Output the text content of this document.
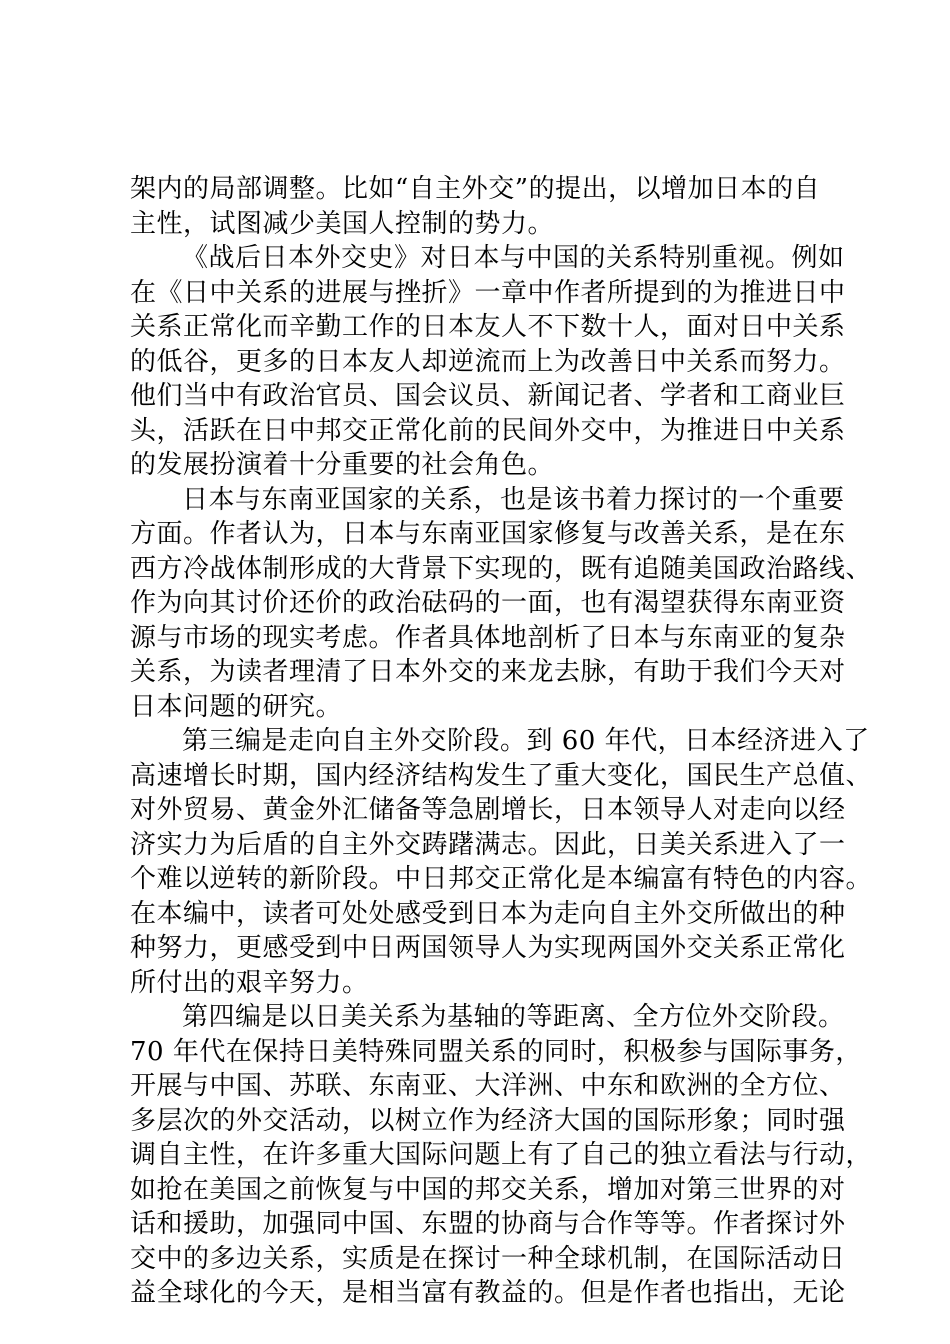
架内的局部调整。比如“自主外交”的提出，以增加日本的自
主性，试图减少美国人控制的势力。
《战后日本外交史》对日本与中国的关系特别重视。例如
在《日中关系的进展与挫折》一章中作者所提到的为推进日中
关系正常化而辛勤工作的日本友人不下数十人，面对日中关系
的低谷，更多的日本友人却逆流而上为改善日中关系而努力。
他们当中有政治官员、国会议员、新闻记者、学者和工商业巨
头，活跃在日中邦交正常化前的民间外交中，为推进日中关系
的发展扮演着十分重要的社会角色。
日本与东南亚国家的关系，也是该书着力探讨的一个重要
方面。作者认为，日本与东南亚国家修复与改善关系，是在东
西方冷战体制形成的大背景下实现的，既有追随美国政治路线、
作为向其讨价还价的政治砝码的一面，也有渴望获得东南亚资
源与市场的现实考虑。作者具体地剖析了日本与东南亚的复杂
关系，为读者理清了日本外交的来龙去脉，有助于我们今天对
日本问题的研究。
第三编是走向自主外交阶段。到 60 年代，日本经济进入了
高速增长时期，国内经济结构发生了重大变化，国民生产总值、
对外贸易、黄金外汇储备等急剧增长，日本领导人对走向以经
济实力为后盾的自主外交踌躇满志。因此，日美关系进入了一
个难以逆转的新阶段。中日邦交正常化是本编富有特色的内容。
在本编中，读者可处处感受到日本为走向自主外交所做出的种
种努力，更感受到中日两国领导人为实现两国外交关系正常化
所付出的艰辛努力。
第四编是以日美关系为基轴的等距离、全方位外交阶段。
70 年代在保持日美特殊同盟关系的同时，积极参与国际事务，
开展与中国、苏联、东南亚、大洋洲、中东和欧洲的全方位、
多层次的外交活动，以树立作为经济大国的国际形象；同时强
调自主性，在许多重大国际问题上有了自己的独立看法与行动，
如抢在美国之前恢复与中国的邦交关系，增加对第三世界的对
话和援助，加强同中国、东盟的协商与合作等等。作者探讨外
交中的多边关系，实质是在探讨一种全球机制，在国际活动日
益全球化的今天，是相当富有教益的。但是作者也指出，无论
